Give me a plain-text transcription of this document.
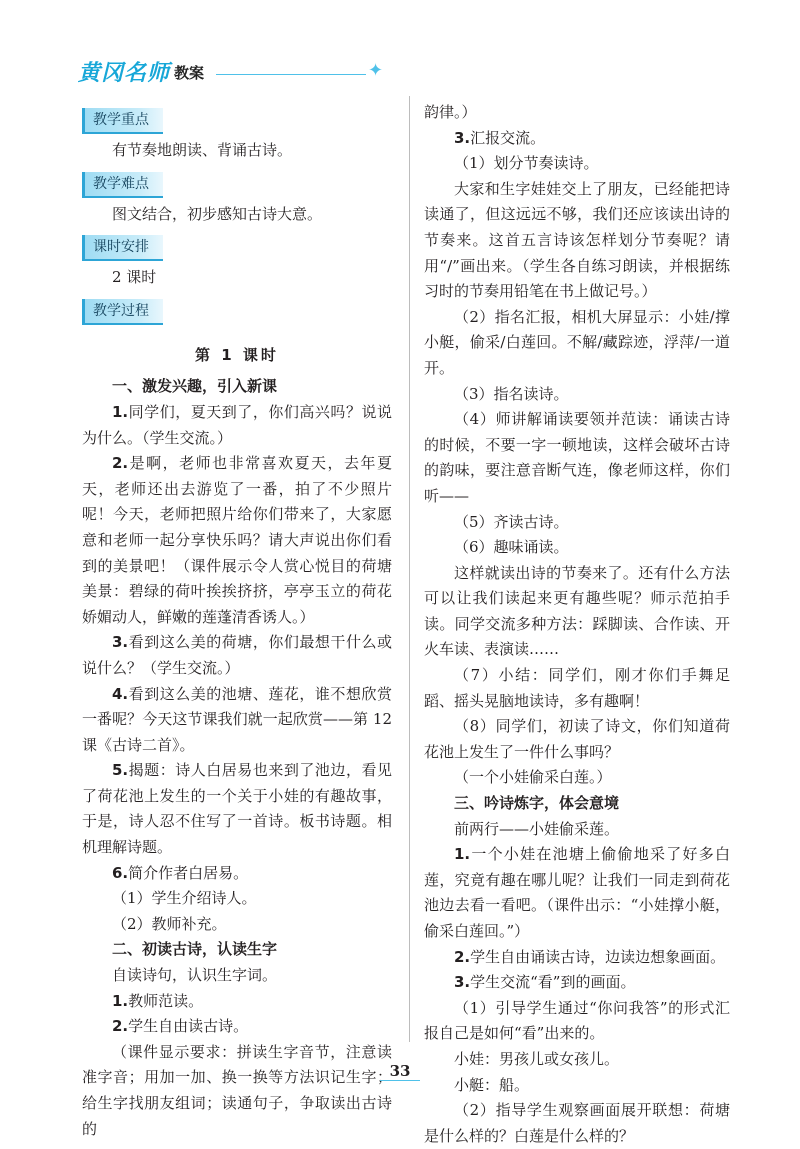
黄冈名师 教案	✦
教学重点

有节奏地朗读、背诵古诗。

教学难点

图文结合，初步感知古诗大意。

课时安排

2 课时

教学过程

第 1 课时

一、激发兴趣，引入新课

1.同学们，夏天到了，你们高兴吗？说说为什么。（学生交流。）

2.是啊，老师也非常喜欢夏天，去年夏天，老师还出去游览了一番，拍了不少照片呢！今天，老师把照片给你们带来了，大家愿意和老师一起分享快乐吗？请大声说出你们看到的美景吧！（课件展示令人赏心悦目的荷塘美景：碧绿的荷叶挨挨挤挤，亭亭玉立的荷花娇媚动人，鲜嫩的莲蓬清香诱人。）

3.看到这么美的荷塘，你们最想干什么或说什么？（学生交流。）

4.看到这么美的池塘、莲花，谁不想欣赏一番呢？今天这节课我们就一起欣赏——第 12 课《古诗二首》。

5.揭题：诗人白居易也来到了池边，看见了荷花池上发生的一个关于小娃的有趣故事，于是，诗人忍不住写了一首诗。板书诗题。相机理解诗题。

6.简介作者白居易。

（1）学生介绍诗人。

（2）教师补充。

二、初读古诗，认读生字

自读诗句，认识生字词。

1.教师范读。

2.学生自由读古诗。

（课件显示要求：拼读生字音节，注意读准字音；用加一加、换一换等方法识记生字；给生字找朋友组词；读通句子，争取读出古诗的

韵律。）

3.汇报交流。

（1）划分节奏读诗。

大家和生字娃娃交上了朋友，已经能把诗读通了，但这远远不够，我们还应该读出诗的节奏来。这首五言诗该怎样划分节奏呢？请用“/”画出来。（学生各自练习朗读，并根据练习时的节奏用铅笔在书上做记号。）

（2）指名汇报，相机大屏显示：小娃/撑小艇，偷采/白莲回。不解/藏踪迹，浮萍/一道开。

（3）指名读诗。

（4）师讲解诵读要领并范读：诵读古诗的时候，不要一字一顿地读，这样会破坏古诗的韵味，要注意音断气连，像老师这样，你们听——

（5）齐读古诗。

（6）趣味诵读。

这样就读出诗的节奏来了。还有什么方法可以让我们读起来更有趣些呢？师示范拍手读。同学交流多种方法：踩脚读、合作读、开火车读、表演读……

（7）小结：同学们，刚才你们手舞足蹈、摇头晃脑地读诗，多有趣啊！

（8）同学们，初读了诗文，你们知道荷花池上发生了一件什么事吗？

（一个小娃偷采白莲。）

三、吟诗炼字，体会意境

前两行——小娃偷采莲。

1.一个小娃在池塘上偷偷地采了好多白莲，究竟有趣在哪儿呢？让我们一同走到荷花池边去看一看吧。（课件出示：“小娃撑小艇，偷采白莲回。”）

2.学生自由诵读古诗，边读边想象画面。

3.学生交流“看”到的画面。

（1）引导学生通过“你问我答”的形式汇报自己是如何“看”出来的。

小娃：男孩儿或女孩儿。

小艇：船。

（2）指导学生观察画面展开联想：荷塘是什么样的？白莲是什么样的？

33
